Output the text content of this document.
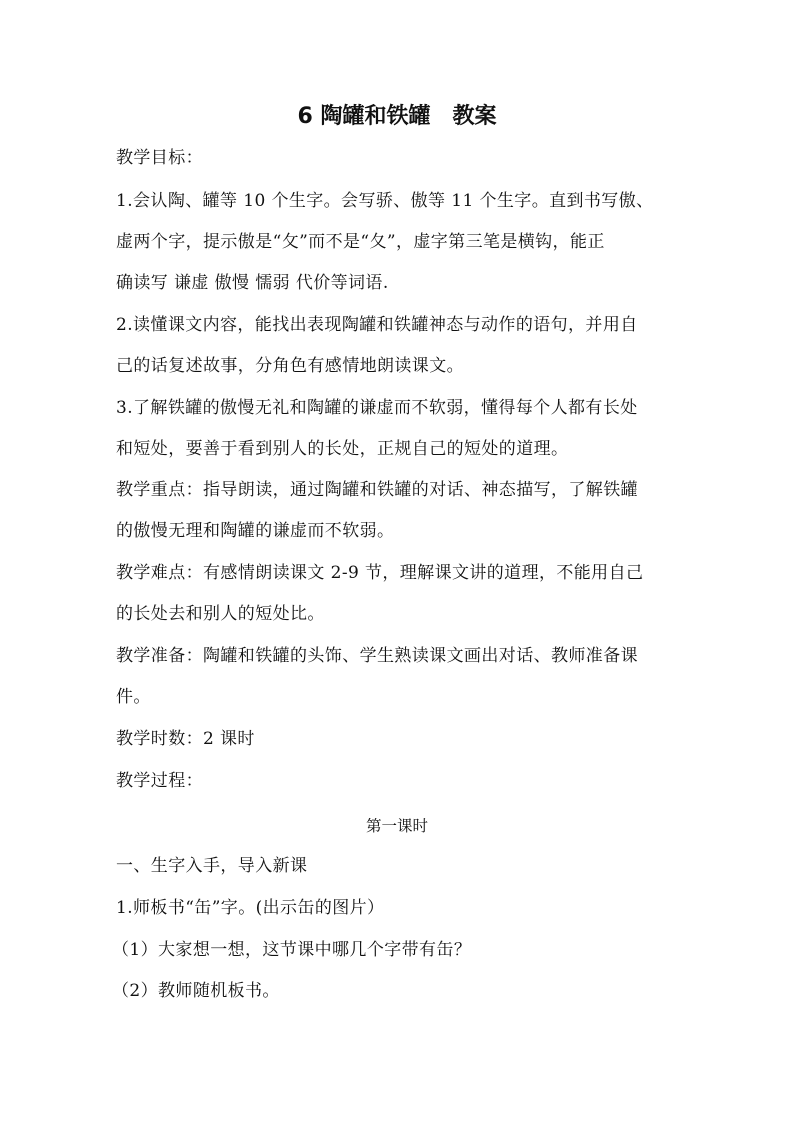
6 陶罐和铁罐　教案
教学目标：
1.会认陶、罐等 10 个生字。会写骄、傲等 11 个生字。直到书写傲、
虚两个字，提示傲是“攵”而不是“夂”，虚字第三笔是横钩，能正
确读写 谦虚 傲慢 懦弱 代价等词语.
2.读懂课文内容，能找出表现陶罐和铁罐神态与动作的语句，并用自
己的话复述故事，分角色有感情地朗读课文。
3.了解铁罐的傲慢无礼和陶罐的谦虚而不软弱，懂得每个人都有长处
和短处，要善于看到别人的长处，正规自己的短处的道理。
教学重点：指导朗读，通过陶罐和铁罐的对话、神态描写，了解铁罐
的傲慢无理和陶罐的谦虚而不软弱。
教学难点：有感情朗读课文 2-9 节，理解课文讲的道理，不能用自己
的长处去和别人的短处比。
教学准备：陶罐和铁罐的头饰、学生熟读课文画出对话、教师准备课
件。
教学时数：2 课时
教学过程：
第一课时
一、生字入手，导入新课
1.师板书“缶”字。(出示缶的图片）
（1）大家想一想，这节课中哪几个字带有缶？
（2）教师随机板书。
